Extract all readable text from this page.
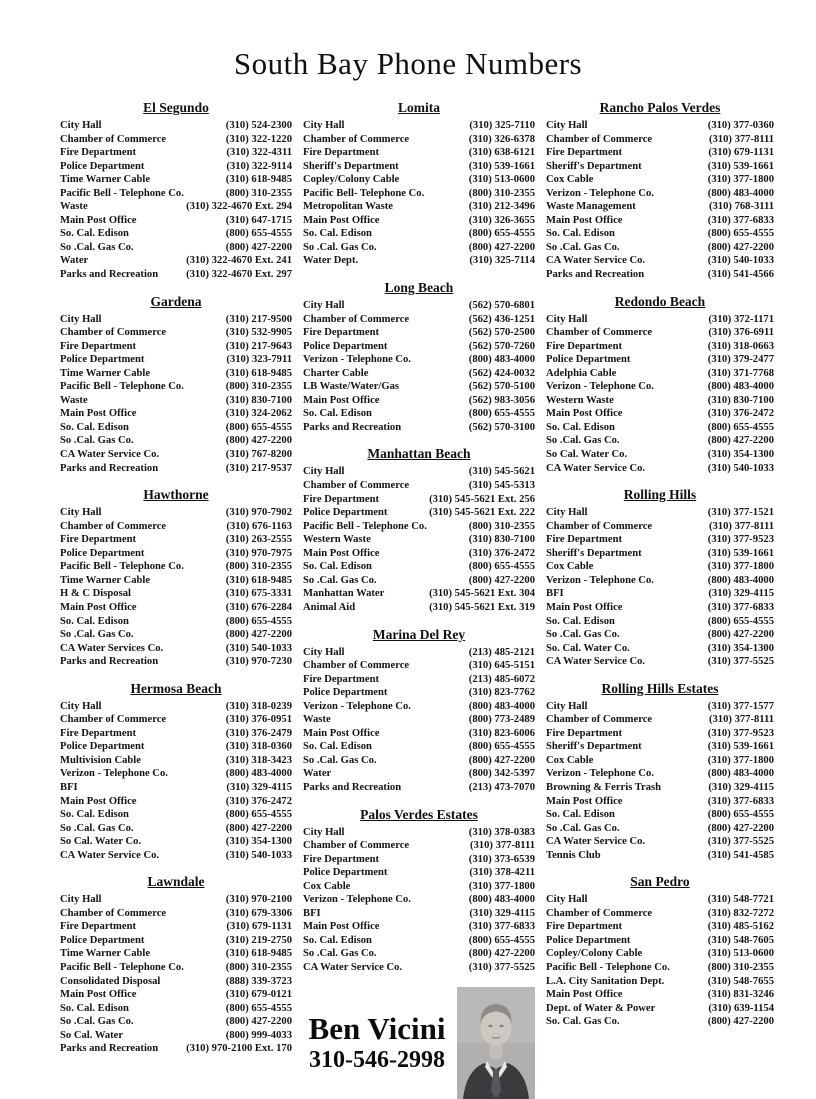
South Bay Phone Numbers
El Segundo
City Hall	(310) 524-2300
Chamber of Commerce	(310) 322-1220
Fire Department	(310) 322-4311
Police Department	(310) 322-9114
Time Warner Cable	(310) 618-9485
Pacific Bell - Telephone Co.	(800) 310-2355
Waste	(310) 322-4670 Ext. 294
Main Post Office	(310) 647-1715
So. Cal. Edison	(800) 655-4555
So .Cal. Gas Co.	(800) 427-2200
Water	(310) 322-4670 Ext. 241
Parks and Recreation	(310) 322-4670 Ext. 297
Gardena
City Hall	(310) 217-9500
Chamber of Commerce	(310) 532-9905
Fire Department	(310) 217-9643
Police Department	(310) 323-7911
Time Warner Cable	(310) 618-9485
Pacific Bell - Telephone Co.	(800) 310-2355
Waste	(310) 830-7100
Main Post Office	(310) 324-2062
So. Cal. Edison	(800) 655-4555
So .Cal. Gas Co.	(800) 427-2200
CA Water Service Co.	(310) 767-8200
Parks and Recreation	(310) 217-9537
Hawthorne
City Hall	(310) 970-7902
Chamber of Commerce	(310) 676-1163
Fire Department	(310) 263-2555
Police Department	(310) 970-7975
Pacific Bell - Telephone Co.	(800) 310-2355
Time Warner Cable	(310) 618-9485
H & C Disposal	(310) 675-3331
Main Post Office	(310) 676-2284
So. Cal. Edison	(800) 655-4555
So .Cal. Gas Co.	(800) 427-2200
CA Water Services Co.	(310) 540-1033
Parks and Recreation	(310) 970-7230
Hermosa Beach
City Hall	(310) 318-0239
Chamber of Commerce	(310) 376-0951
Fire Department	(310) 376-2479
Police Department	(310) 318-0360
Multivision Cable	(310) 318-3423
Verizon - Telephone Co.	(800) 483-4000
BFI	(310) 329-4115
Main Post Office	(310) 376-2472
So. Cal. Edison	(800) 655-4555
So .Cal. Gas Co.	(800) 427-2200
So Cal. Water Co.	(310) 354-1300
CA Water Service Co.	(310) 540-1033
Lawndale
City Hall	(310) 970-2100
Chamber of Commerce	(310) 679-3306
Fire Department	(310) 679-1131
Police Department	(310) 219-2750
Time Warner Cable	(310) 618-9485
Pacific Bell - Telephone Co.	(800) 310-2355
Consolidated Disposal	(888) 339-3723
Main Post Office	(310) 679-0121
So. Cal. Edison	(800) 655-4555
So .Cal. Gas Co.	(800) 427-2200
So Cal. Water	(800) 999-4033
Parks and Recreation	(310) 970-2100 Ext. 170
Lomita
City Hall	(310) 325-7110
Chamber of Commerce	(310) 326-6378
Fire Department	(310) 638-6121
Sheriff's Department	(310) 539-1661
Copley/Colony Cable	(310) 513-0600
Pacific Bell- Telephone Co.	(800) 310-2355
Metropolitan Waste	(310) 212-3496
Main Post Office	(310) 326-3655
So. Cal. Edison	(800) 655-4555
So .Cal. Gas Co.	(800) 427-2200
Water Dept.	(310) 325-7114
Long Beach
City Hall	(562) 570-6801
Chamber of Commerce	(562) 436-1251
Fire Department	(562) 570-2500
Police Department	(562) 570-7260
Verizon - Telephone Co.	(800) 483-4000
Charter Cable	(562) 424-0032
LB Waste/Water/Gas	(562) 570-5100
Main Post Office	(562) 983-3056
So. Cal. Edison	(800) 655-4555
Parks and Recreation	(562) 570-3100
Manhattan Beach
City Hall	(310) 545-5621
Chamber of Commerce	(310) 545-5313
Fire Department	(310) 545-5621 Ext. 256
Police Department	(310) 545-5621 Ext. 222
Pacific Bell - Telephone Co.	(800) 310-2355
Western Waste	(310) 830-7100
Main Post Office	(310) 376-2472
So. Cal. Edison	(800) 655-4555
So .Cal. Gas Co.	(800) 427-2200
Manhattan Water	(310) 545-5621 Ext. 304
Animal Aid	(310) 545-5621 Ext. 319
Marina Del Rey
City Hall	(213) 485-2121
Chamber of Commerce	(310) 645-5151
Fire Department	(213) 485-6072
Police Department	(310) 823-7762
Verizon - Telephone Co.	(800) 483-4000
Waste	(800) 773-2489
Main Post Office	(310) 823-6006
So. Cal. Edison	(800) 655-4555
So .Cal. Gas Co.	(800) 427-2200
Water	(800) 342-5397
Parks and Recreation	(213) 473-7070
Palos Verdes Estates
City Hall	(310) 378-0383
Chamber of Commerce	(310) 377-8111
Fire Department	(310) 373-6539
Police Department	(310) 378-4211
Cox Cable	(310) 377-1800
Verizon - Telephone Co.	(800) 483-4000
BFI	(310) 329-4115
Main Post Office	(310) 377-6833
So. Cal. Edison	(800) 655-4555
So .Cal. Gas Co.	(800) 427-2200
CA Water Service Co.	(310) 377-5525
Ben Vicini
310-546-2998
Rancho Palos Verdes
City Hall	(310) 377-0360
Chamber of Commerce	(310) 377-8111
Fire Department	(310) 679-1131
Sheriff's Department	(310) 539-1661
Cox Cable	(310) 377-1800
Verizon - Telephone Co.	(800) 483-4000
Waste Management	(310) 768-3111
Main Post Office	(310) 377-6833
So. Cal. Edison	(800) 655-4555
So .Cal. Gas Co.	(800) 427-2200
CA Water Service Co.	(310) 540-1033
Parks and Recreation	(310) 541-4566
Redondo Beach
City Hall	(310) 372-1171
Chamber of Commerce	(310) 376-6911
Fire Department	(310) 318-0663
Police Department	(310) 379-2477
Adelphia Cable	(310) 371-7768
Verizon - Telephone Co.	(800) 483-4000
Western Waste	(310) 830-7100
Main Post Office	(310) 376-2472
So. Cal. Edison	(800) 655-4555
So .Cal. Gas Co.	(800) 427-2200
So Cal. Water Co.	(310) 354-1300
CA Water Service Co.	(310) 540-1033
Rolling Hills
City Hall	(310) 377-1521
Chamber of Commerce	(310) 377-8111
Fire Department	(310) 377-9523
Sheriff's Department	(310) 539-1661
Cox Cable	(310) 377-1800
Verizon - Telephone Co.	(800) 483-4000
BFI	(310) 329-4115
Main Post Office	(310) 377-6833
So. Cal. Edison	(800) 655-4555
So .Cal. Gas Co.	(800) 427-2200
So. Cal. Water Co.	(310) 354-1300
CA Water Service Co.	(310) 377-5525
Rolling Hills Estates
City Hall	(310) 377-1577
Chamber of Commerce	(310) 377-8111
Fire Department	(310) 377-9523
Sheriff's Department	(310) 539-1661
Cox Cable	(310) 377-1800
Verizon - Telephone Co.	(800) 483-4000
Browning & Ferris Trash	(310) 329-4115
Main Post Office	(310) 377-6833
So. Cal. Edison	(800) 655-4555
So .Cal. Gas Co.	(800) 427-2200
CA Water Service Co.	(310) 377-5525
Tennis Club	(310) 541-4585
San Pedro
City Hall	(310) 548-7721
Chamber of Commerce	(310) 832-7272
Fire Department	(310) 485-5162
Police Department	(310) 548-7605
Copley/Colony Cable	(310) 513-0600
Pacific Bell - Telephone Co.	(800) 310-2355
L.A. City Sanitation Dept.	(310) 548-7655
Main Post Office	(310) 831-3246
Dept. of Water & Power	(310) 639-1154
So. Cal. Gas Co.	(800) 427-2200
